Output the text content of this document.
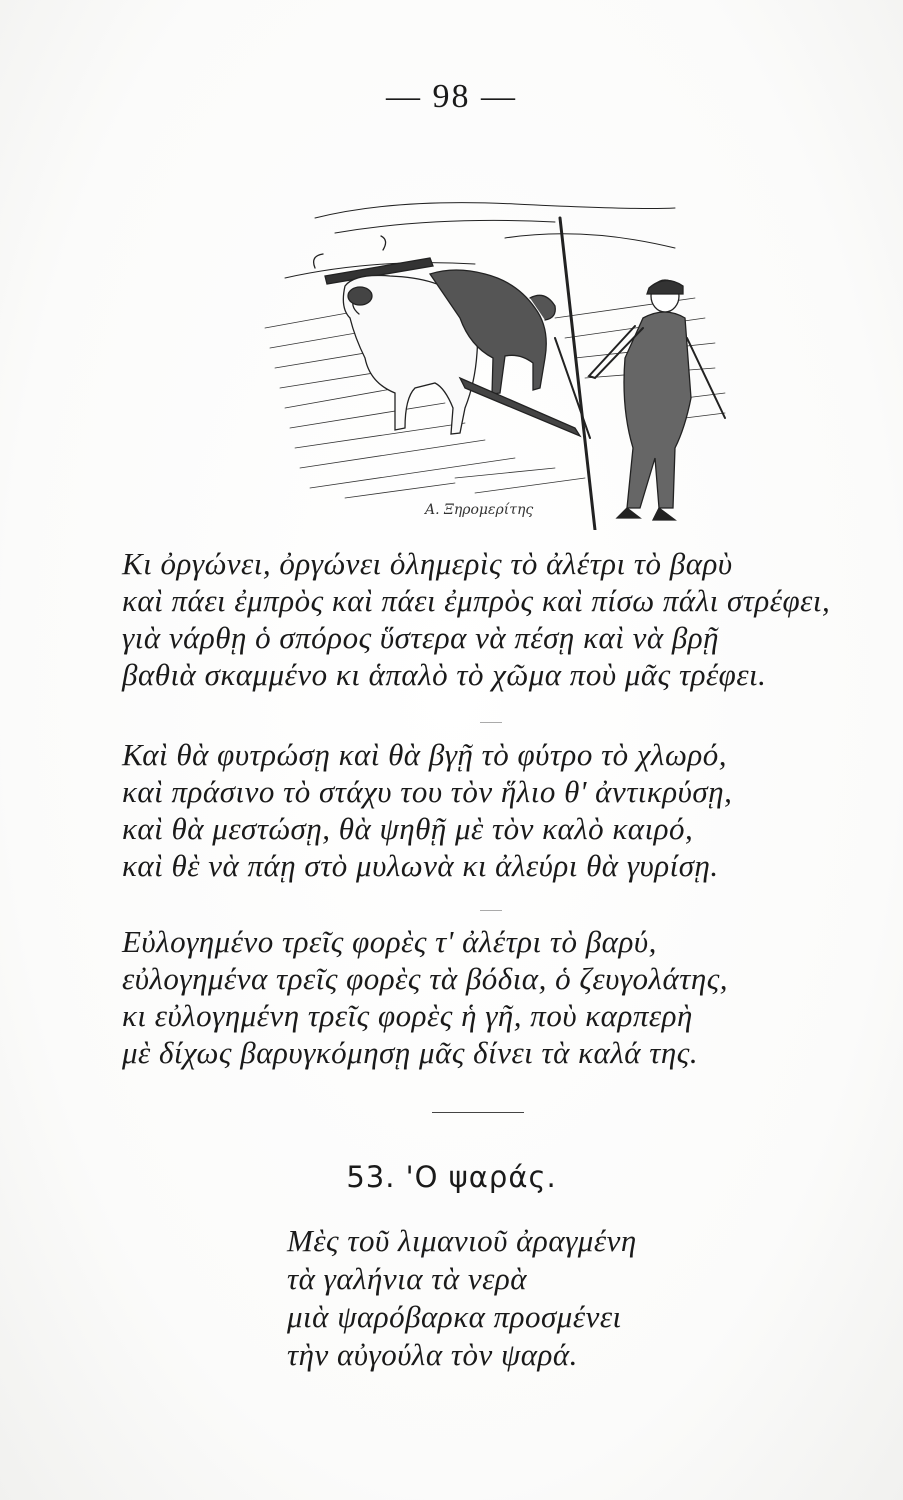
— 98 —
A. Ξηρομερίτης
Κι ὀργώνει, ὀργώνει ὁλημερὶς τὸ ἀλέτρι τὸ βαρὺ
καὶ πάει ἐμπρὸς καὶ πάει ἐμπρὸς καὶ πίσω πάλι στρέφει,
γιὰ νάρθῃ ὁ σπόρος ὕστερα νὰ πέσῃ καὶ νὰ βρῇ
βαθιὰ σκαμμένο κι ἁπαλὸ τὸ χῶμα ποὺ μᾶς τρέφει.
Καὶ θὰ φυτρώσῃ καὶ θὰ βγῇ τὸ φύτρο τὸ χλωρό,
καὶ πράσινο τὸ στάχυ του τὸν ἥλιο θ' ἀντικρύσῃ,
καὶ θὰ μεστώσῃ, θὰ ψηθῇ μὲ τὸν καλὸ καιρό,
καὶ θὲ νὰ πάῃ στὸ μυλωνὰ κι ἀλεύρι θὰ γυρίσῃ.
Εὐλογημένο τρεῖς φορὲς τ' ἀλέτρι τὸ βαρύ,
εὐλογημένα τρεῖς φορὲς τὰ βόδια, ὁ ζευγολάτης,
κι εὐλογημένη τρεῖς φορὲς ἡ γῆ, ποὺ καρπερὴ
μὲ δίχως βαρυγκόμησῃ μᾶς δίνει τὰ καλά της.
53. 'Ο ψαράς.
Μὲς τοῦ λιμανιοῦ ἀραγμένη
τὰ γαλήνια τὰ νερὰ
μιὰ ψαρόβαρκα προσμένει
τὴν αὐγούλα τὸν ψαρά.
